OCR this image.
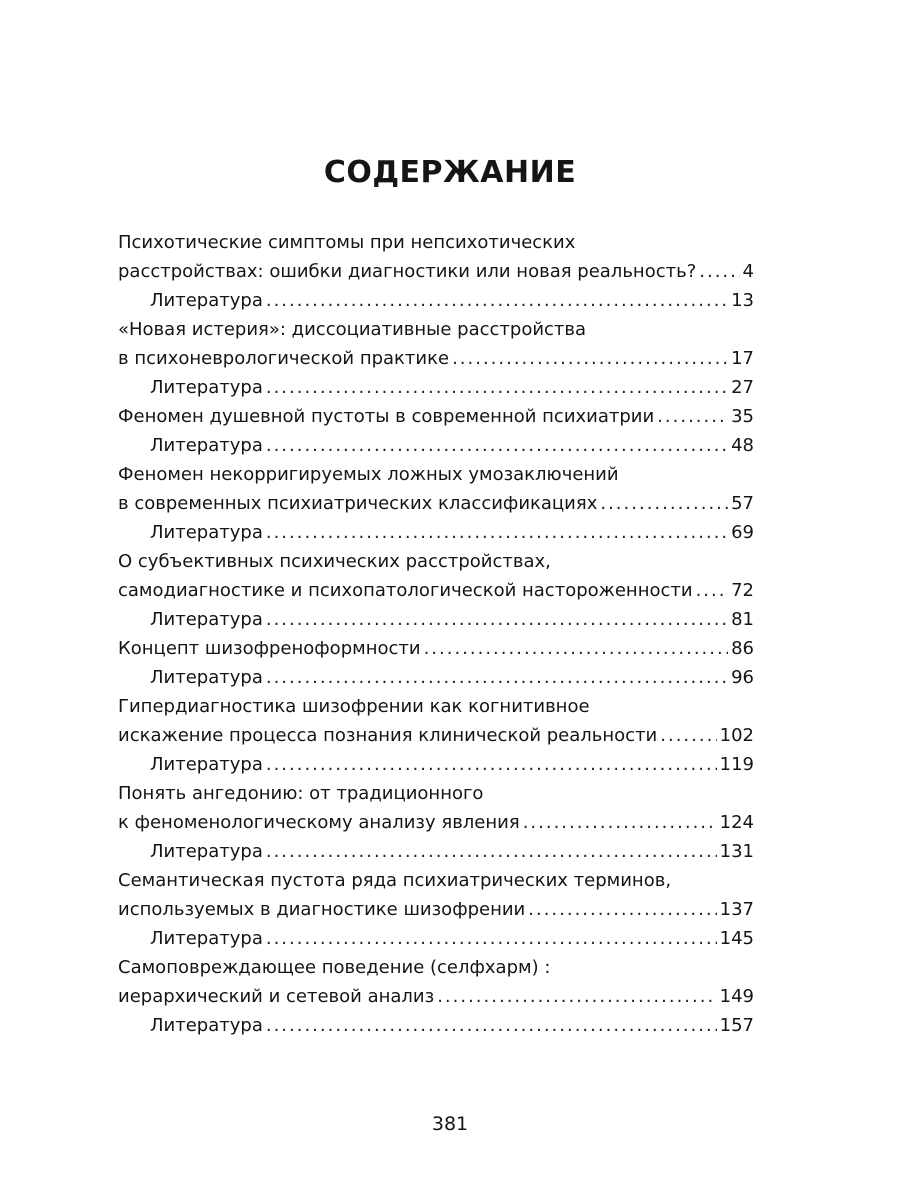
СОДЕРЖАНИЕ
Психотические симптомы при непсихотических
расстройствах: ошибки диагностики или новая реальность? .....	4
Литература .....	13
«Новая истерия»: диссоциативные расстройства
в психоневрологической практике .....	17
Литература .....	27
Феномен душевной пустоты в современной психиатрии .....	35
Литература .....	48
Феномен некорригируемых ложных умозаключений
в современных психиатрических классификациях .....	57
Литература .....	69
О субъективных психических расстройствах,
самодиагностике и психопатологической настороженности ..... 72
Литература .....	81
Концепт шизофреноформности .....	86
Литература .....	96
Гипердиагностика шизофрении как когнитивное
искажение процесса познания клинической реальности .....	102
Литература .....	119
Понять ангедонию: от традиционного
к феноменологическому анализу явления .....	124
Литература .....	131
Семантическая пустота ряда психиатрических терминов,
используемых в диагностике шизофрении .....	137
Литература .....	145
Самоповреждающее поведение (селфхарм) :
иерархический и сетевой анализ .....	149
Литература .....	157
381
